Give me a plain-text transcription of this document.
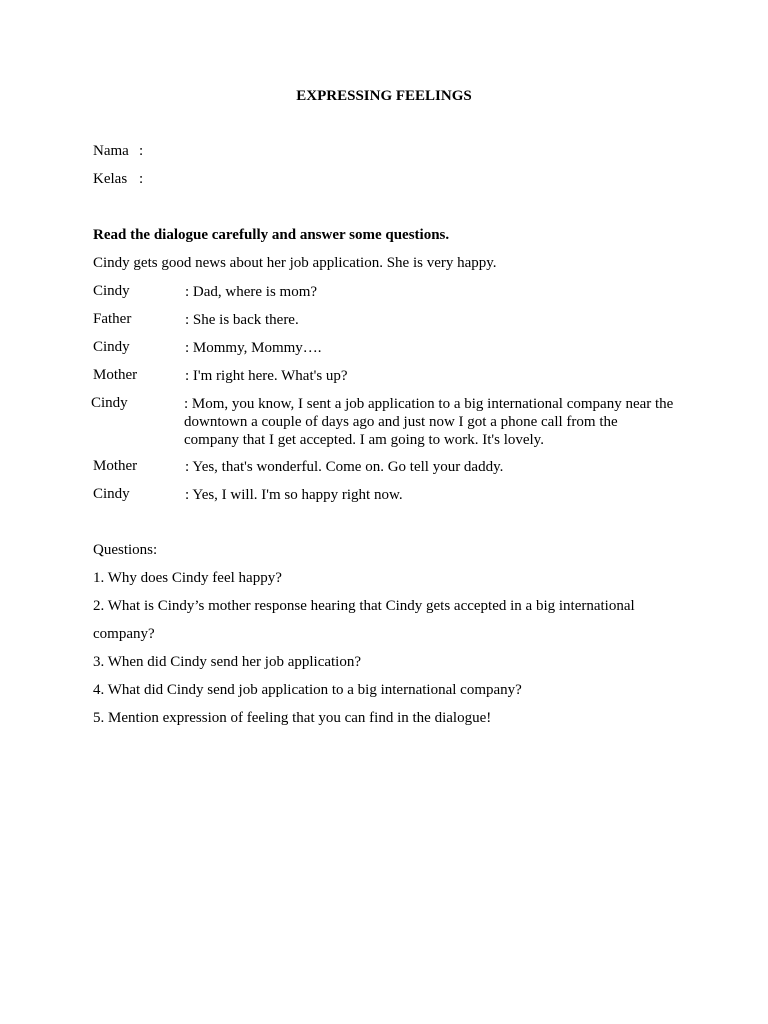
EXPRESSING FEELINGS
Nama :
Kelas :
Read the dialogue carefully and answer some questions.
Cindy gets good news about her job application. She is very happy.
Cindy	: Dad, where is mom?
Father	: She is back there.
Cindy	: Mommy, Mommy….
Mother	: I'm right here. What's up?
Cindy	: Mom, you know, I sent a job application to a big international company near the downtown a couple of days ago and just now I got a phone call from the company that I get accepted. I am going to work. It's lovely.
Mother	: Yes, that's wonderful. Come on. Go tell your daddy.
Cindy	: Yes, I will. I'm so happy right now.
Questions:
1. Why does Cindy feel happy?
2. What is Cindy’s mother response hearing that Cindy gets accepted in a big international
company?
3. When did Cindy send her job application?
4. What did Cindy send job application to a big international company?
5. Mention expression of feeling that you can find in the dialogue!
